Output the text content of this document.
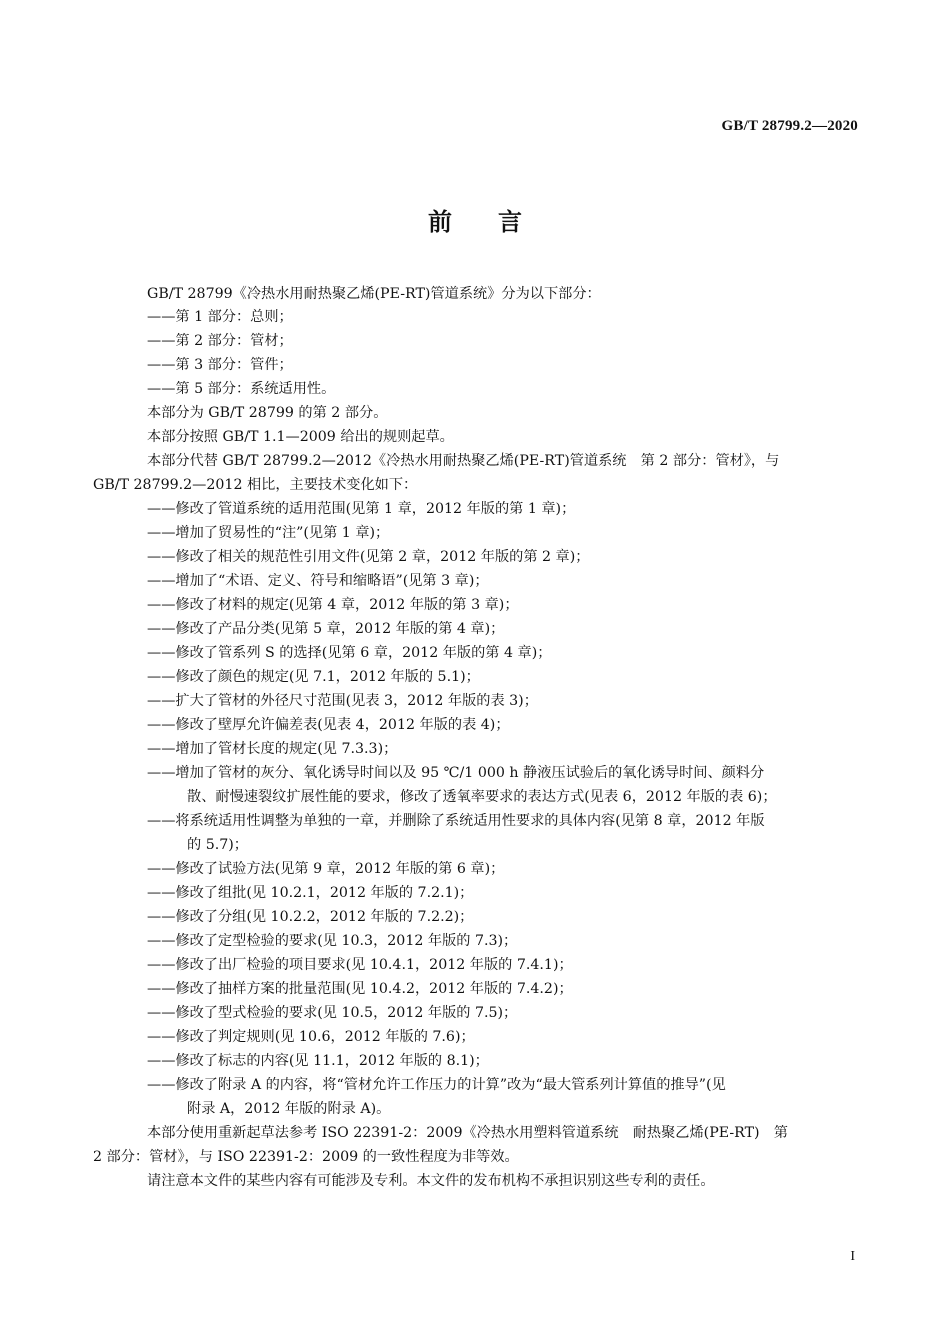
GB/T 28799.2—2020
前 言
GB/T 28799《冷热水用耐热聚乙烯(PE-RT)管道系统》分为以下部分：
——第 1 部分：总则；
——第 2 部分：管材；
——第 3 部分：管件；
——第 5 部分：系统适用性。
本部分为 GB/T 28799 的第 2 部分。
本部分按照 GB/T 1.1—2009 给出的规则起草。
本部分代替 GB/T 28799.2—2012《冷热水用耐热聚乙烯(PE-RT)管道系统　第 2 部分：管材》，与
GB/T 28799.2—2012 相比，主要技术变化如下：
——修改了管道系统的适用范围(见第 1 章，2012 年版的第 1 章)；
——增加了贸易性的“注”(见第 1 章)；
——修改了相关的规范性引用文件(见第 2 章，2012 年版的第 2 章)；
——增加了“术语、定义、符号和缩略语”(见第 3 章)；
——修改了材料的规定(见第 4 章，2012 年版的第 3 章)；
——修改了产品分类(见第 5 章，2012 年版的第 4 章)；
——修改了管系列 S 的选择(见第 6 章，2012 年版的第 4 章)；
——修改了颜色的规定(见 7.1，2012 年版的 5.1)；
——扩大了管材的外径尺寸范围(见表 3，2012 年版的表 3)；
——修改了壁厚允许偏差表(见表 4，2012 年版的表 4)；
——增加了管材长度的规定(见 7.3.3)；
——增加了管材的灰分、氧化诱导时间以及 95 ℃/1 000 h 静液压试验后的氧化诱导时间、颜料分
散、耐慢速裂纹扩展性能的要求，修改了透氧率要求的表达方式(见表 6，2012 年版的表 6)；
——将系统适用性调整为单独的一章，并删除了系统适用性要求的具体内容(见第 8 章，2012 年版
的 5.7)；
——修改了试验方法(见第 9 章，2012 年版的第 6 章)；
——修改了组批(见 10.2.1，2012 年版的 7.2.1)；
——修改了分组(见 10.2.2，2012 年版的 7.2.2)；
——修改了定型检验的要求(见 10.3，2012 年版的 7.3)；
——修改了出厂检验的项目要求(见 10.4.1，2012 年版的 7.4.1)；
——修改了抽样方案的批量范围(见 10.4.2，2012 年版的 7.4.2)；
——修改了型式检验的要求(见 10.5，2012 年版的 7.5)；
——修改了判定规则(见 10.6，2012 年版的 7.6)；
——修改了标志的内容(见 11.1，2012 年版的 8.1)；
——修改了附录 A 的内容，将“管材允许工作压力的计算”改为“最大管系列计算值的推导”(见
附录 A，2012 年版的附录 A)。
本部分使用重新起草法参考 ISO 22391-2：2009《冷热水用塑料管道系统　耐热聚乙烯(PE-RT)　第
2 部分：管材》，与 ISO 22391-2：2009 的一致性程度为非等效。
请注意本文件的某些内容有可能涉及专利。本文件的发布机构不承担识别这些专利的责任。
I
